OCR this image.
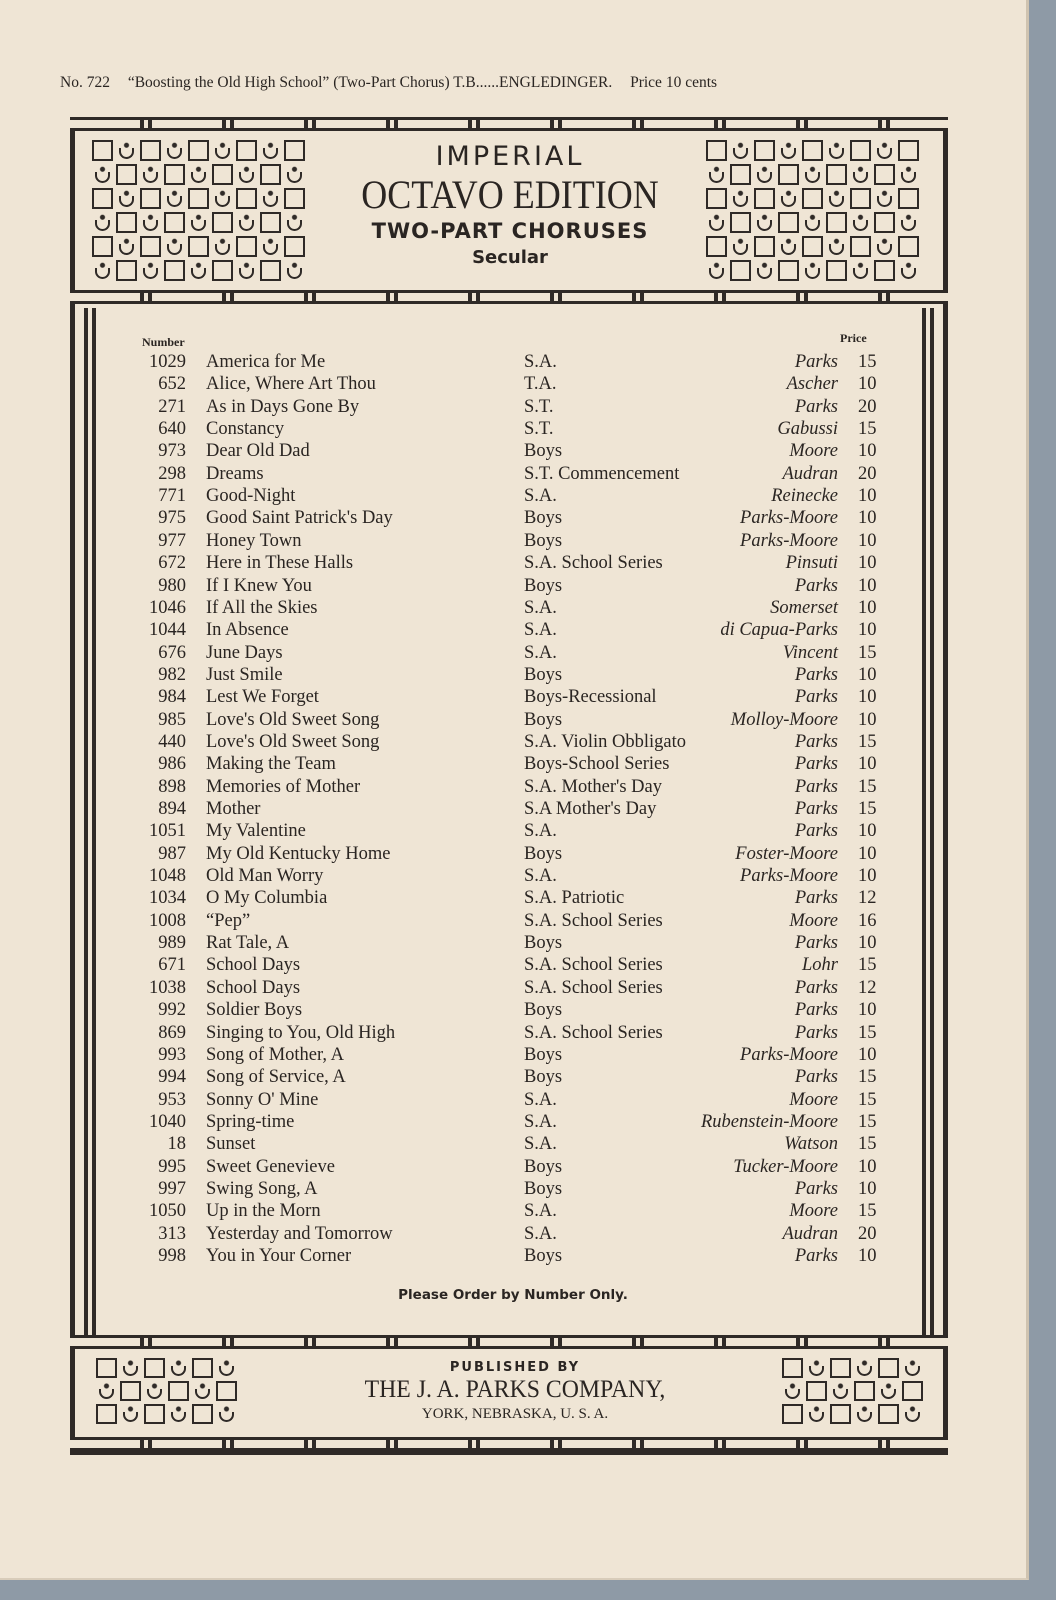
No. 722 “Boosting the Old High School” (Two-Part Chorus) T.B......ENGLEDINGER. Price 10 cents
IMPERIAL
OCTAVO EDITION
TWO-PART CHORUSES
Secular
Number	Price
1029 America for Me	S.A.	Parks 15
652 Alice, Where Art Thou	T.A.	Ascher 10
271 As in Days Gone By	S.T.	Parks 20
640 Constancy	S.T.	Gabussi 15
973 Dear Old Dad	Boys	Moore 10
298 Dreams	S.T. Commencement	Audran 20
771 Good-Night	S.A.	Reinecke 10
975 Good Saint Patrick's Day	Boys	Parks-Moore 10
977 Honey Town	Boys	Parks-Moore 10
672 Here in These Halls	S.A. School Series	Pinsuti 10
980 If I Knew You	Boys	Parks 10
1046 If All the Skies	S.A.	Somerset 10
1044 In Absence	S.A.	di Capua-Parks 10
676 June Days	S.A.	Vincent 15
982 Just Smile	Boys	Parks 10
984 Lest We Forget	Boys-Recessional	Parks 10
985 Love's Old Sweet Song	Boys	Molloy-Moore 10
440 Love's Old Sweet Song	S.A. Violin Obbligato	Parks 15
986 Making the Team	Boys-School Series	Parks 10
898 Memories of Mother	S.A. Mother's Day	Parks 15
894 Mother	S.A Mother's Day	Parks 15
1051 My Valentine	S.A.	Parks 10
987 My Old Kentucky Home	Boys	Foster-Moore 10
1048 Old Man Worry	S.A.	Parks-Moore 10
1034 O My Columbia	S.A. Patriotic	Parks 12
1008 “Pep”	S.A. School Series	Moore 16
989 Rat Tale, A	Boys	Parks 10
671 School Days	S.A. School Series	Lohr 15
1038 School Days	S.A. School Series	Parks 12
992 Soldier Boys	Boys	Parks 10
869 Singing to You, Old High	S.A. School Series	Parks 15
993 Song of Mother, A	Boys	Parks-Moore 10
994 Song of Service, A	Boys	Parks 15
953 Sonny O' Mine	S.A.	Moore 15
1040 Spring-time	S.A.	Rubenstein-Moore 15
18 Sunset	S.A.	Watson 15
995 Sweet Genevieve	Boys	Tucker-Moore 10
997 Swing Song, A	Boys	Parks 10
1050 Up in the Morn	S.A.	Moore 15
313 Yesterday and Tomorrow	S.A.	Audran 20
998 You in Your Corner	Boys	Parks 10
Please Order by Number Only.
PUBLISHED BY
THE J. A. PARKS COMPANY,
YORK, NEBRASKA, U. S. A.
